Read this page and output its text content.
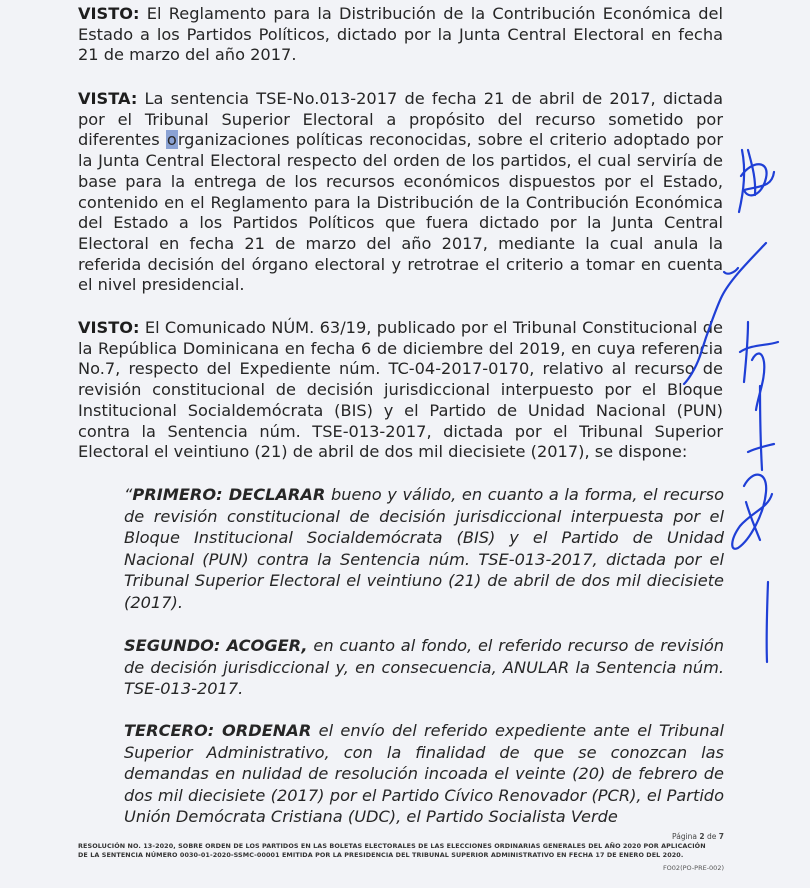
VISTO: El Reglamento para la Distribución de la Contribución Económica del Estado a los Partidos Políticos, dictado por la Junta Central Electoral en fecha 21 de marzo del año 2017.

VISTA: La sentencia TSE-No.013-2017 de fecha 21 de abril de 2017, dictada por el Tribunal Superior Electoral a propósito del recurso sometido por diferentes organizaciones políticas reconocidas, sobre el criterio adoptado por la Junta Central Electoral respecto del orden de los partidos, el cual serviría de base para la entrega de los recursos económicos dispuestos por el Estado, contenido en el Reglamento para la Distribución de la Contribución Económica del Estado a los Partidos Políticos que fuera dictado por la Junta Central Electoral en fecha 21 de marzo del año 2017, mediante la cual anula la referida decisión del órgano electoral y retrotrae el criterio a tomar en cuenta el nivel presidencial.

VISTO: El Comunicado NÚM. 63/19, publicado por el Tribunal Constitucional de la República Dominicana en fecha 6 de diciembre del 2019, en cuya referencia No.7, respecto del Expediente núm. TC-04-2017-0170, relativo al recurso de revisión constitucional de decisión jurisdiccional interpuesto por el Bloque Institucional Socialdemócrata (BIS) y el Partido de Unidad Nacional (PUN) contra la Sentencia núm. TSE-013-2017, dictada por el Tribunal Superior Electoral el veintiuno (21) de abril de dos mil diecisiete (2017), se dispone:

“PRIMERO: DECLARAR bueno y válido, en cuanto a la forma, el recurso de revisión constitucional de decisión jurisdiccional interpuesta por el Bloque Institucional Socialdemócrata (BIS) y el Partido de Unidad Nacional (PUN) contra la Sentencia núm. TSE-013-2017, dictada por el Tribunal Superior Electoral el veintiuno (21) de abril de dos mil diecisiete (2017).

SEGUNDO: ACOGER, en cuanto al fondo, el referido recurso de revisión de decisión jurisdiccional y, en consecuencia, ANULAR la Sentencia núm. TSE-013-2017.

TERCERO: ORDENAR el envío del referido expediente ante el Tribunal Superior Administrativo, con la finalidad de que se conozcan las demandas en nulidad de resolución incoada el veinte (20) de febrero de dos mil diecisiete (2017) por el Partido Cívico Renovador (PCR), el Partido Unión Demócrata Cristiana (UDC), el Partido Socialista Verde

Página 2 de 7
RESOLUCIÓN NO. 13-2020, SOBRE ORDEN DE LOS PARTIDOS EN LAS BOLETAS ELECTORALES DE LAS ELECCIONES ORDINARIAS GENERALES DEL AÑO 2020 POR APLICACIÓN
DE LA SENTENCIA NÚMERO 0030-01-2020-SSMC-00001 EMITIDA POR LA PRESIDENCIA DEL TRIBUNAL SUPERIOR ADMINISTRATIVO EN FECHA 17 DE ENERO DEL 2020.
FO02(PO-PRE-002)
